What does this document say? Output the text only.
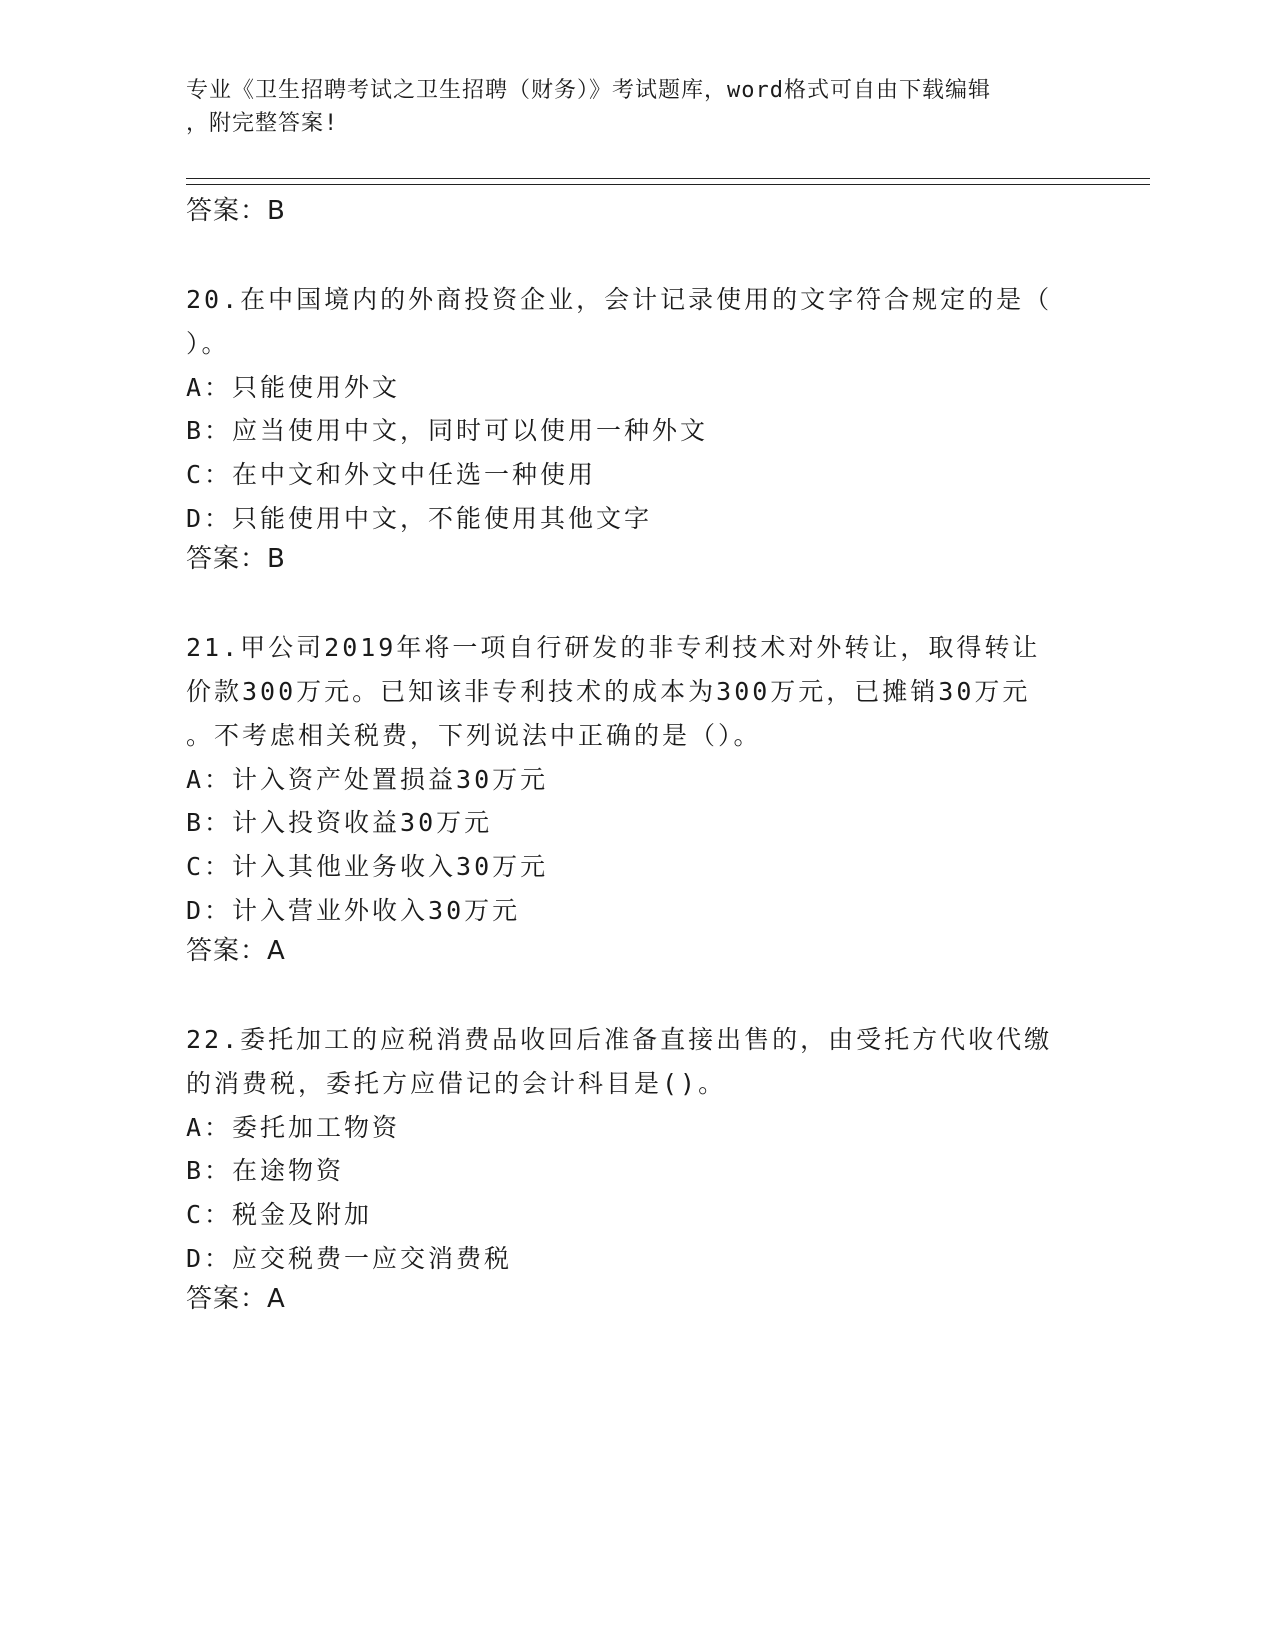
专业《卫生招聘考试之卫生招聘（财务）》考试题库，word格式可自由下载编辑
，附完整答案!
答案：B
20.在中国境内的外商投资企业，会计记录使用的文字符合规定的是（
）。
A：只能使用外文
B：应当使用中文，同时可以使用一种外文
C：在中文和外文中任选一种使用
D：只能使用中文，不能使用其他文字
答案：B
21.甲公司2019年将一项自行研发的非专利技术对外转让，取得转让
价款300万元。已知该非专利技术的成本为300万元，已摊销30万元
。不考虑相关税费，下列说法中正确的是（）。
A：计入资产处置损益30万元
B：计入投资收益30万元
C：计入其他业务收入30万元
D：计入营业外收入30万元
答案：A
22.委托加工的应税消费品收回后准备直接出售的，由受托方代收代缴
的消费税，委托方应借记的会计科目是()。
A：委托加工物资
B：在途物资
C：税金及附加
D：应交税费一应交消费税
答案：A
